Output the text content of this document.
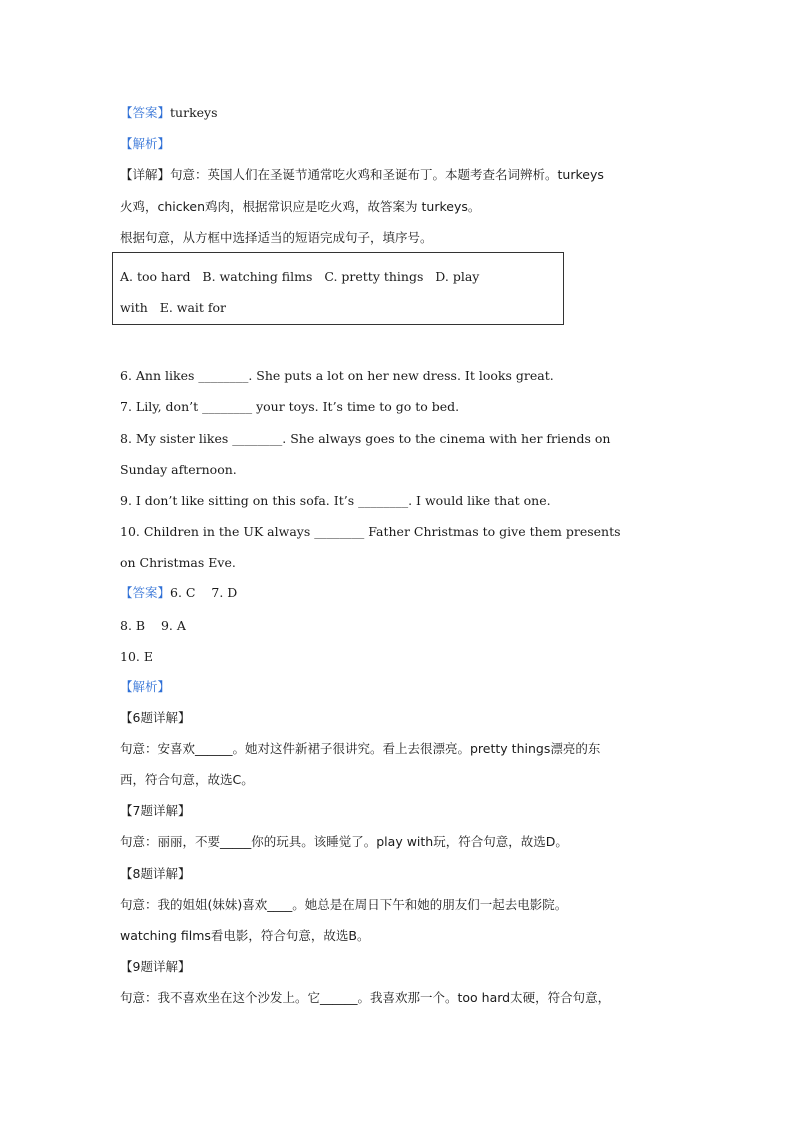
【答案】turkeys
【解析】
【详解】句意：英国人们在圣诞节通常吃火鸡和圣诞布丁。本题考查名词辨析。turkeys
火鸡，chicken鸡肉，根据常识应是吃火鸡，故答案为 turkeys。
根据句意，从方框中选择适当的短语完成句子，填序号。
A. too hard   B. watching films   C. pretty things   D. play
with   E. wait for
6. Ann likes ________. She puts a lot on her new dress. It looks great.
7. Lily, don’t ________ your toys. It’s time to go to bed.
8. My sister likes ________. She always goes to the cinema with her friends on
Sunday afternoon.
9. I don’t like sitting on this sofa. It’s ________. I would like that one.
10. Children in the UK always ________ Father Christmas to give them presents
on Christmas Eve.
【答案】6. C    7. D
8. B    9. A
10. E
【解析】
【6题详解】
句意：安喜欢______。她对这件新裙子很讲究。看上去很漂亮。pretty things漂亮的东
西，符合句意，故选C。
【7题详解】
句意：丽丽，不要_____你的玩具。该睡觉了。play with玩，符合句意，故选D。
【8题详解】
句意：我的姐姐(妹妹)喜欢____。她总是在周日下午和她的朋友们一起去电影院。
watching films看电影，符合句意，故选B。
【9题详解】
句意：我不喜欢坐在这个沙发上。它______。我喜欢那一个。too hard太硬，符合句意，
